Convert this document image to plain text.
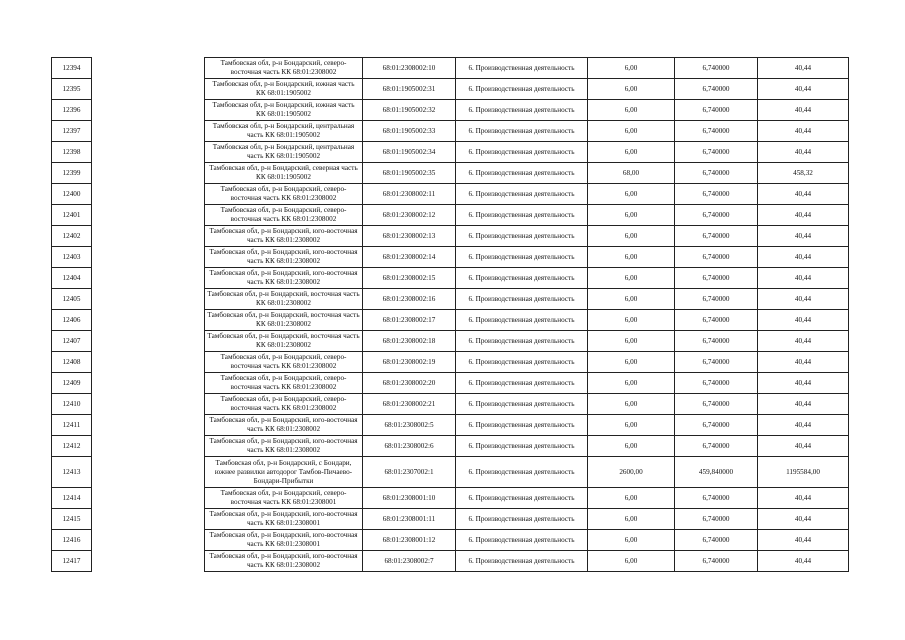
12394		Тамбовская обл, р-н Бондарский, северо-восточная часть КК 68:01:2308002	68:01:2308002:10	6. Производственная деятельность	6,00	6,740000	40,44
12395		Тамбовская обл, р-н Бондарский, южная часть КК 68:01:1905002	68:01:1905002:31	6. Производственная деятельность	6,00	6,740000	40,44
12396		Тамбовская обл, р-н Бондарский, южная часть КК 68:01:1905002	68:01:1905002:32	6. Производственная деятельность	6,00	6,740000	40,44
12397		Тамбовская обл, р-н Бондарский, центральная часть КК 68:01:1905002	68:01:1905002:33	6. Производственная деятельность	6,00	6,740000	40,44
12398		Тамбовская обл, р-н Бондарский, центральная часть КК 68:01:1905002	68:01:1905002:34	6. Производственная деятельность	6,00	6,740000	40,44
12399		Тамбовская обл, р-н Бондарский, северная часть КК 68:01:1905002	68:01:1905002:35	6. Производственная деятельность	68,00	6,740000	458,32
12400		Тамбовская обл, р-н Бондарский, северо-восточная часть КК 68:01:2308002	68:01:2308002:11	6. Производственная деятельность	6,00	6,740000	40,44
12401		Тамбовская обл, р-н Бондарский, северо-восточная часть КК 68:01:2308002	68:01:2308002:12	6. Производственная деятельность	6,00	6,740000	40,44
12402		Тамбовская обл, р-н Бондарский, юго-восточная часть КК 68:01:2308002	68:01:2308002:13	6. Производственная деятельность	6,00	6,740000	40,44
12403		Тамбовская обл, р-н Бондарский, юго-восточная часть КК 68:01:2308002	68:01:2308002:14	6. Производственная деятельность	6,00	6,740000	40,44
12404		Тамбовская обл, р-н Бондарский, юго-восточная часть КК 68:01:2308002	68:01:2308002:15	6. Производственная деятельность	6,00	6,740000	40,44
12405		Тамбовская обл, р-н Бондарский, восточная часть КК 68:01:2308002	68:01:2308002:16	6. Производственная деятельность	6,00	6,740000	40,44
12406		Тамбовская обл, р-н Бондарский, восточная часть КК 68:01:2308002	68:01:2308002:17	6. Производственная деятельность	6,00	6,740000	40,44
12407		Тамбовская обл, р-н Бондарский, восточная часть КК 68:01:2308002	68:01:2308002:18	6. Производственная деятельность	6,00	6,740000	40,44
12408		Тамбовская обл, р-н Бондарский, северо-восточная часть КК 68:01:2308002	68:01:2308002:19	6. Производственная деятельность	6,00	6,740000	40,44
12409		Тамбовская обл, р-н Бондарский, северо-восточная часть КК 68:01:2308002	68:01:2308002:20	6. Производственная деятельность	6,00	6,740000	40,44
12410		Тамбовская обл, р-н Бондарский, северо-восточная часть КК 68:01:2308002	68:01:2308002:21	6. Производственная деятельность	6,00	6,740000	40,44
12411		Тамбовская обл, р-н Бондарский, юго-восточная часть КК 68:01:2308002	68:01:2308002:5	6. Производственная деятельность	6,00	6,740000	40,44
12412		Тамбовская обл, р-н Бондарский, юго-восточная часть КК 68:01:2308002	68:01:2308002:6	6. Производственная деятельность	6,00	6,740000	40,44
12413		Тамбовская обл, р-н Бондарский, с Бондари, южнее развилки автодорог Тамбов-Пичаево-Бондари-Прибытки	68:01:2307002:1	6. Производственная деятельность	2600,00	459,840000	1195584,00
12414		Тамбовская обл, р-н Бондарский, северо-восточная часть КК 68:01:2308001	68:01:2308001:10	6. Производственная деятельность	6,00	6,740000	40,44
12415		Тамбовская обл, р-н Бондарский, юго-восточная часть КК 68:01:2308001	68:01:2308001:11	6. Производственная деятельность	6,00	6,740000	40,44
12416		Тамбовская обл, р-н Бондарский, юго-восточная часть КК 68:01:2308001	68:01:2308001:12	6. Производственная деятельность	6,00	6,740000	40,44
12417		Тамбовская обл, р-н Бондарский, юго-восточная часть КК 68:01:2308002	68:01:2308002:7	6. Производственная деятельность	6,00	6,740000	40,44
